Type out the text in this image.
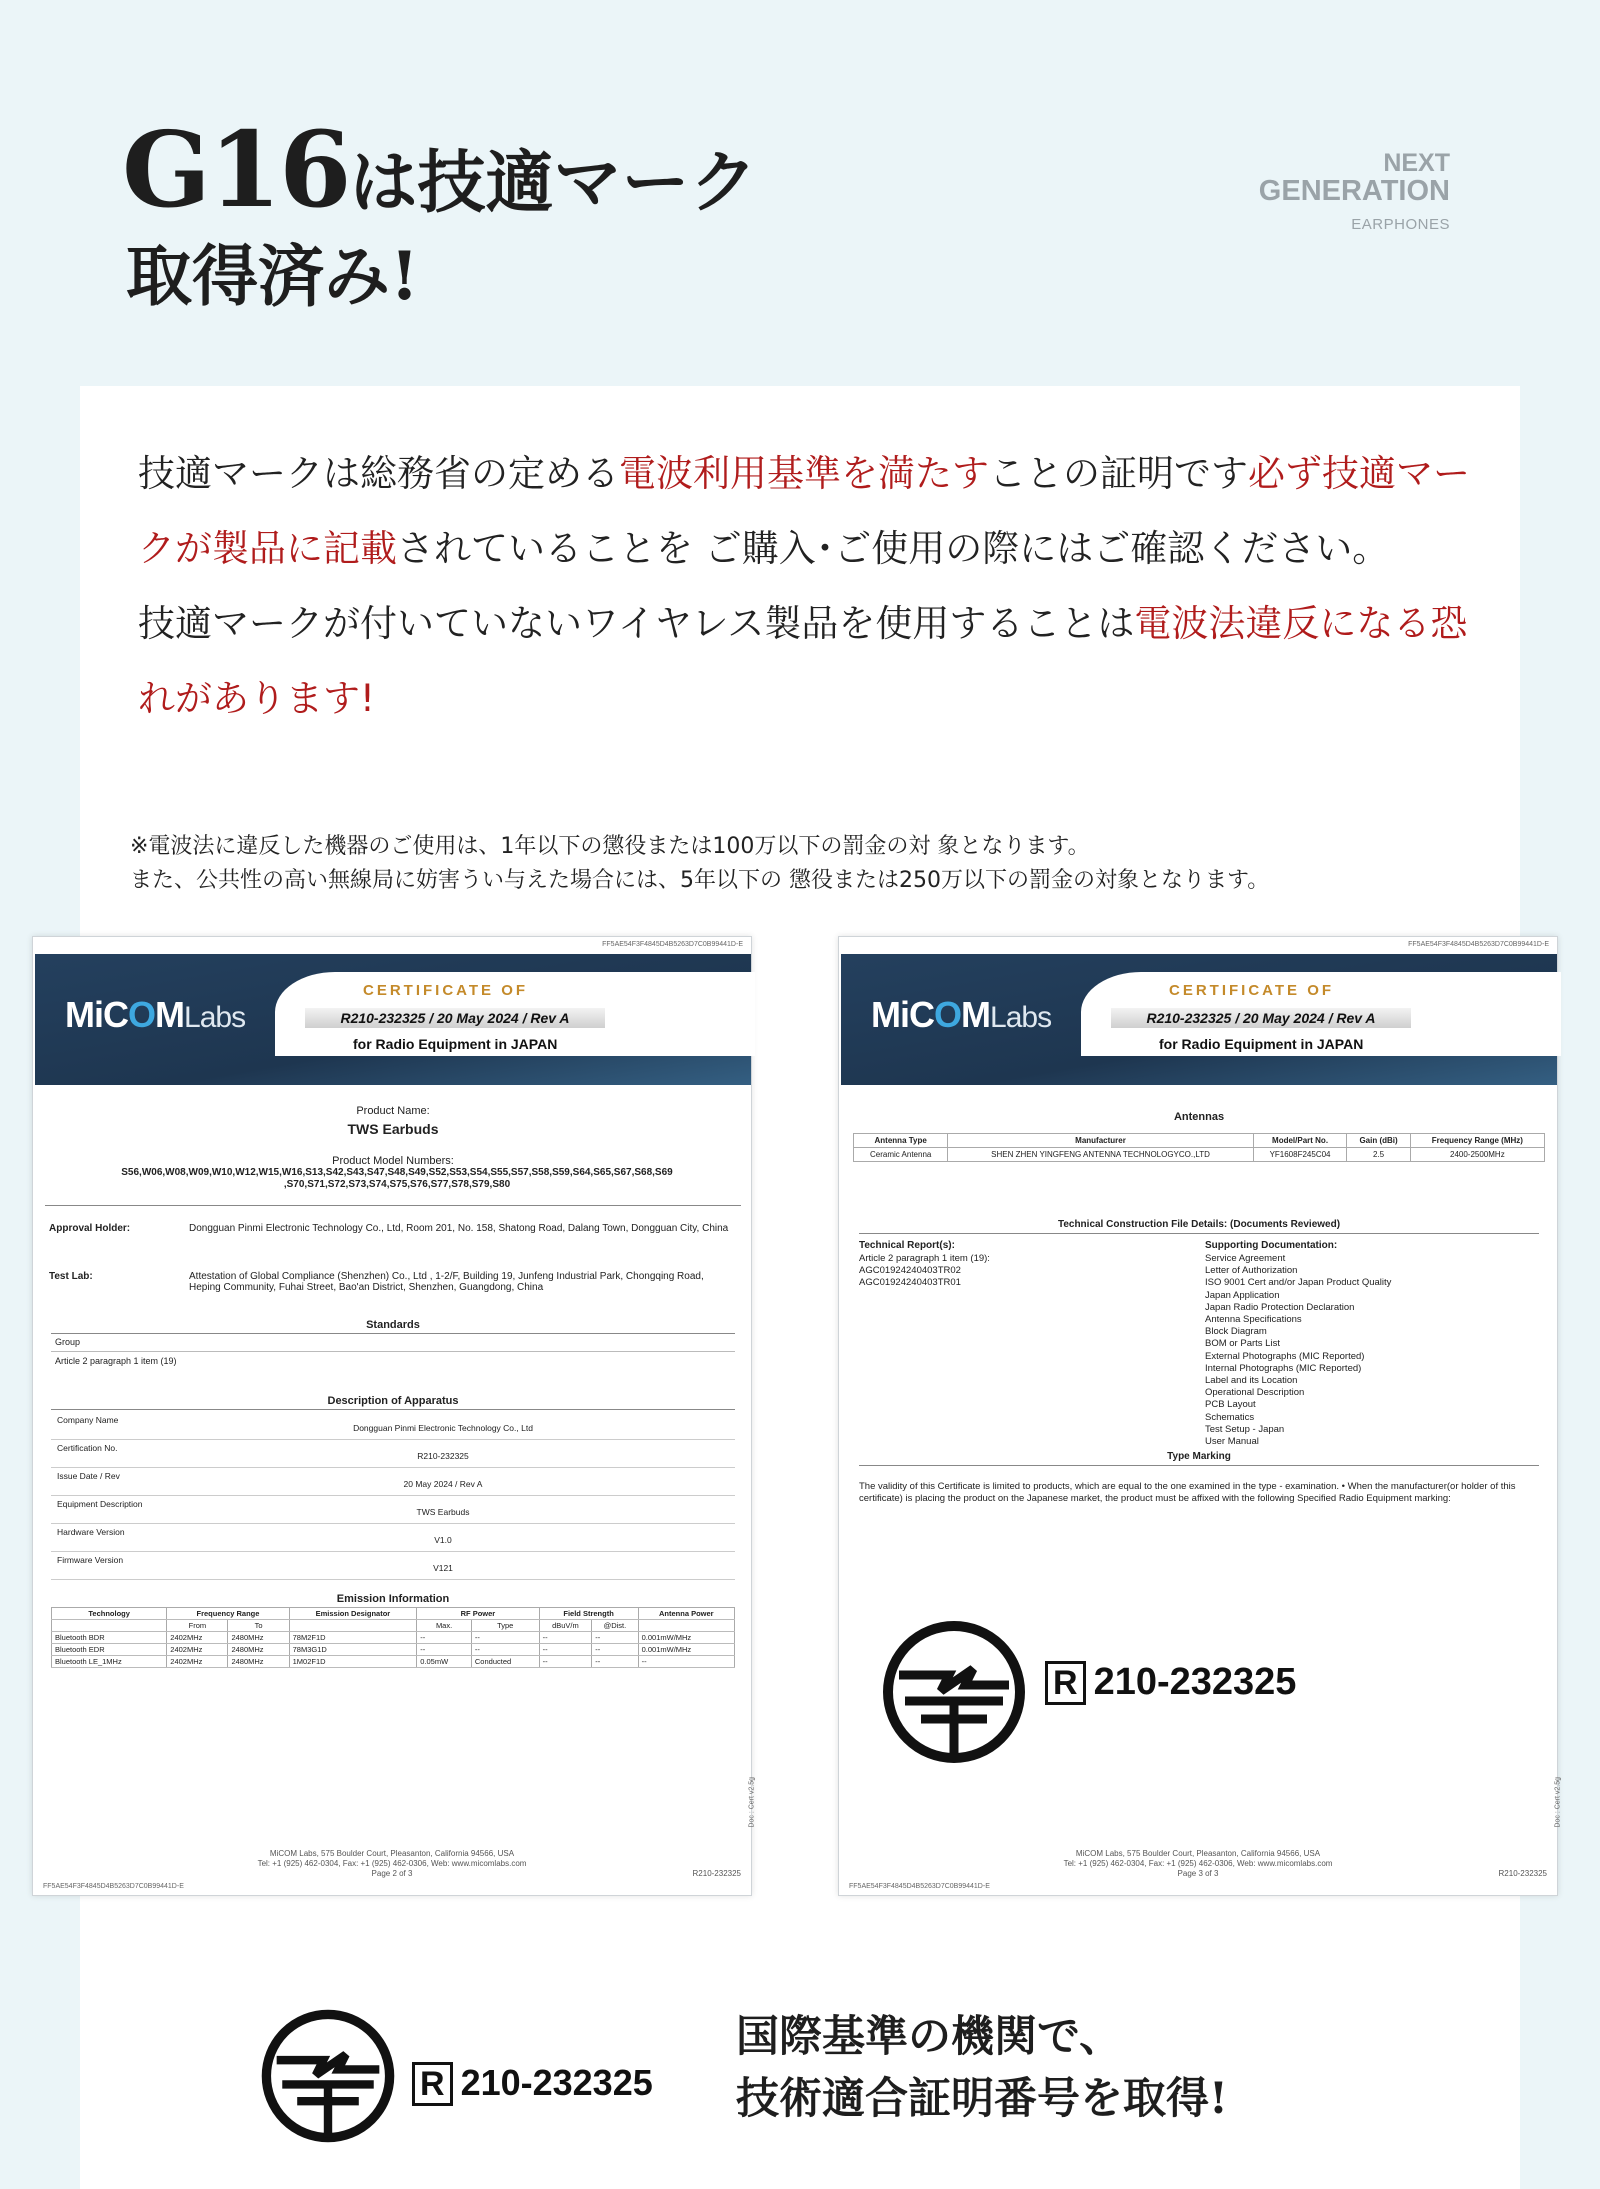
G16は技適マーク
取得済み!
NEXT
GENERATION
EARPHONES
技適マークは総務省の定める電波利用基準を満たすことの証明です必ず技適マークが製品に記載されていることを ご購入･ご使用の際にはご確認ください。
技適マークが付いていないワイヤレス製品を使用することは電波法違反になる恐れがあります!
※電波法に違反した機器のご使用は、1年以下の懲役または100万以下の罰金の対 象となります。
また、公共性の高い無線局に妨害うい与えた場合には、5年以下の 懲役または250万以下の罰金の対象となります。
FF5AE54F3F4845D4B5263D7C0B99441D-E
MiCOMLabs
CERTIFICATE OF
R210-232325 / 20 May 2024 / Rev A
for Radio Equipment in JAPAN
Product Name:
TWS Earbuds
Product Model Numbers:
S56,W06,W08,W09,W10,W12,W15,W16,S13,S42,S43,S47,S48,S49,S52,S53,S54,S55,S57,S58,S59,S64,S65,S67,S68,S69 ,S70,S71,S72,S73,S74,S75,S76,S77,S78,S79,S80
Approval Holder:	Dongguan Pinmi Electronic Technology Co., Ltd, Room 201, No. 158, Shatong Road, Dalang Town, Dongguan City, China
Test Lab:	Attestation of Global Compliance (Shenzhen) Co., Ltd , 1-2/F, Building 19, Junfeng Industrial Park, Chongqing Road, Heping Community, Fuhai Street, Bao'an District, Shenzhen, Guangdong, China
Standards
Group
Article 2 paragraph 1 item (19)
Description of Apparatus
Company Name
Dongguan Pinmi Electronic Technology Co., Ltd
Certification No.
R210-232325
Issue Date / Rev
20 May 2024 / Rev A
Equipment Description
TWS Earbuds
Hardware Version
V1.0
Firmware Version
V121
Emission Information
Technology	Frequency Range		Emission Designator	RF Power		Field Strength		Antenna Power
	From	To		Max.	Type	dBuV/m	@Dist.	
Bluetooth BDR	2402MHz	2480MHz	78M2F1D	--	--	--	--	0.001mW/MHz
Bluetooth EDR	2402MHz	2480MHz	78M3G1D	--	--	--	--	0.001mW/MHz
Bluetooth LE_1MHz	2402MHz	2480MHz	1M02F1D	0.05mW	Conducted	--	--	--
MiCOM Labs, 575 Boulder Court, Pleasanton, California 94566, USA
Tel: +1 (925) 462-0304, Fax: +1 (925) 462-0306, Web: www.micomlabs.com
Page 2 of 3	R210-232325
FF5AE54F3F4845D4B5263D7C0B99441D-E
Doc : Cert v2.5g
FF5AE54F3F4845D4B5263D7C0B99441D-E
MiCOMLabs
CERTIFICATE OF
R210-232325 / 20 May 2024 / Rev A
for Radio Equipment in JAPAN
Antennas
Antenna Type	Manufacturer	Model/Part No.	Gain (dBi)	Frequency Range (MHz)
Ceramic Antenna	SHEN ZHEN YINGFENG ANTENNA TECHNOLOGYCO.,LTD	YF1608F245C04	2.5	2400-2500MHz
Technical Construction File Details: (Documents Reviewed)
Technical Report(s):
Article 2 paragraph 1 item (19):
AGC01924240403TR02
AGC01924240403TR01
Supporting Documentation:
Service Agreement
Letter of Authorization
ISO 9001 Cert and/or Japan Product Quality
Japan Application
Japan Radio Protection Declaration
Antenna Specifications
Block Diagram
BOM or Parts List
External Photographs (MIC Reported)
Internal Photographs (MIC Reported)
Label and its Location
Operational Description
PCB Layout
Schematics
Test Setup - Japan
User Manual
Type Marking
The validity of this Certificate is limited to products, which are equal to the one examined in the type - examination. • When the manufacturer(or holder of this certificate) is placing the product on the Japanese market, the product must be affixed with the following Specified Radio Equipment marking:
R 210-232325
MiCOM Labs, 575 Boulder Court, Pleasanton, California 94566, USA
Tel: +1 (925) 462-0304, Fax: +1 (925) 462-0306, Web: www.micomlabs.com
Page 3 of 3	R210-232325
FF5AE54F3F4845D4B5263D7C0B99441D-E
Doc : Cert v2.5g
R 210-232325
国際基準の機関で、
技術適合証明番号を取得!
